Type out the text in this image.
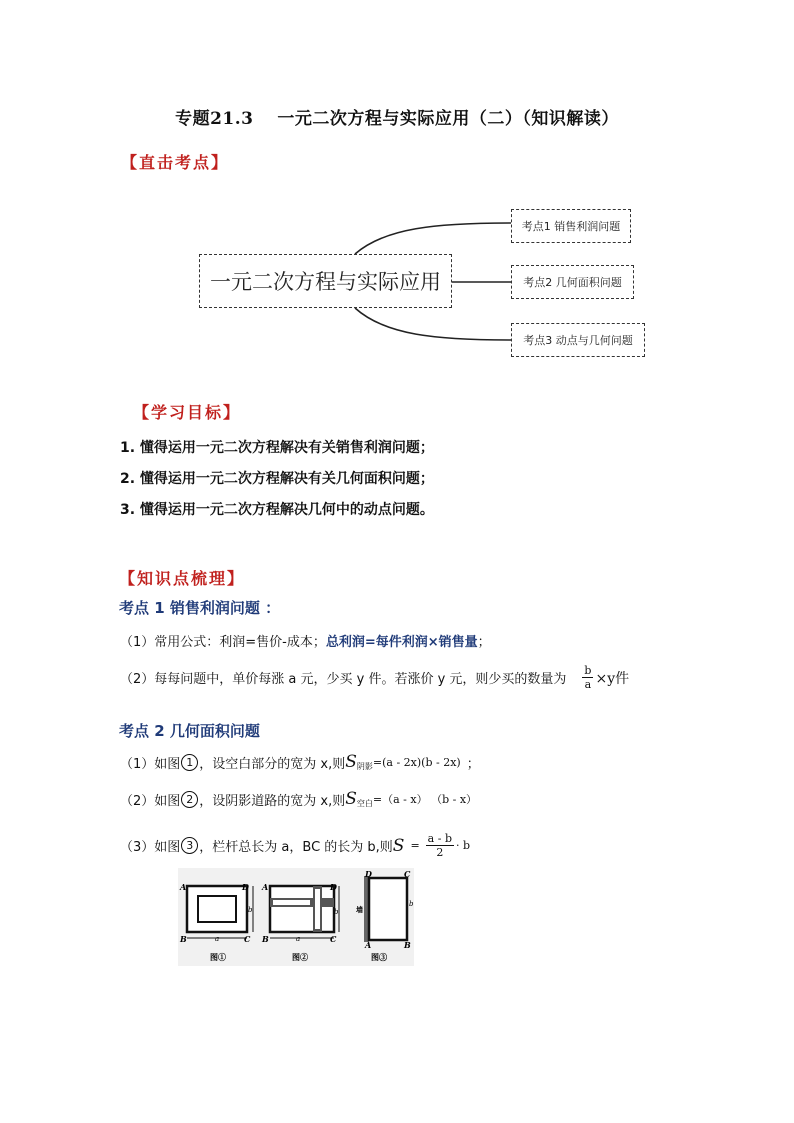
专题21.3　 一元二次方程与实际应用（二）（知识解读）
【直击考点】
一元二次方程与实际应用
考点1 销售利润问题
考点2 几何面积问题
考点3 动点与几何问题
【学习目标】
1. 懂得运用一元二次方程解决有关销售利润问题；
2. 懂得运用一元二次方程解决有关几何面积问题；
3. 懂得运用一元二次方程解决几何中的动点问题。
【知识点梳理】
考点 1 销售利润问题 ：
（1）常用公式：利润=售价-成本；总利润=每件利润×销售量；
（2）每每问题中，单价每涨 a 元，少买 y 件。若涨价 y 元，则少买的数量为 $\frac{b}{a} \times y$件
考点 2 几何面积问题
（1）如图 1 ，设空白部分的宽为 x,则 S 阴影 =(a - 2x)(b - 2x) ；
（2）如图 2 ，设阴影道路的宽为 x,则 S 空白 =（a - x） （b - x）
（3）如图 3 ，栏杆总长为 a，BC 的长为 b,则 $S = \frac{a - b}{2} \cdot b$
A	D
B	C
a
b
图①
A	D
B	C
a
b
图②
D	C
A	B
墙
b
图③
